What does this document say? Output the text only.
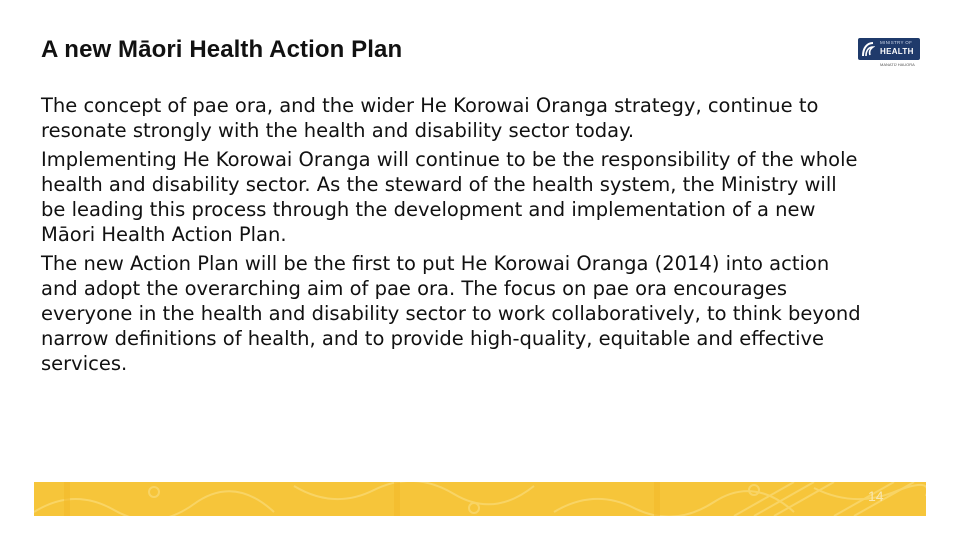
A new Māori Health Action Plan	MINISTRY OF
HEALTH
MANATŪ HAUORA

The concept of pae ora, and the wider He Korowai Oranga strategy, continue to resonate strongly with the health and disability sector today.

Implementing He Korowai Oranga will continue to be the responsibility of the whole health and disability sector. As the steward of the health system, the Ministry will be leading this process through the development and implementation of a new Māori Health Action Plan.

The new Action Plan will be the first to put He Korowai Oranga (2014) into action and adopt the overarching aim of pae ora. The focus on pae ora encourages everyone in the health and disability sector to work collaboratively, to think beyond narrow definitions of health, and to provide high-quality, equitable and effective services.

14
